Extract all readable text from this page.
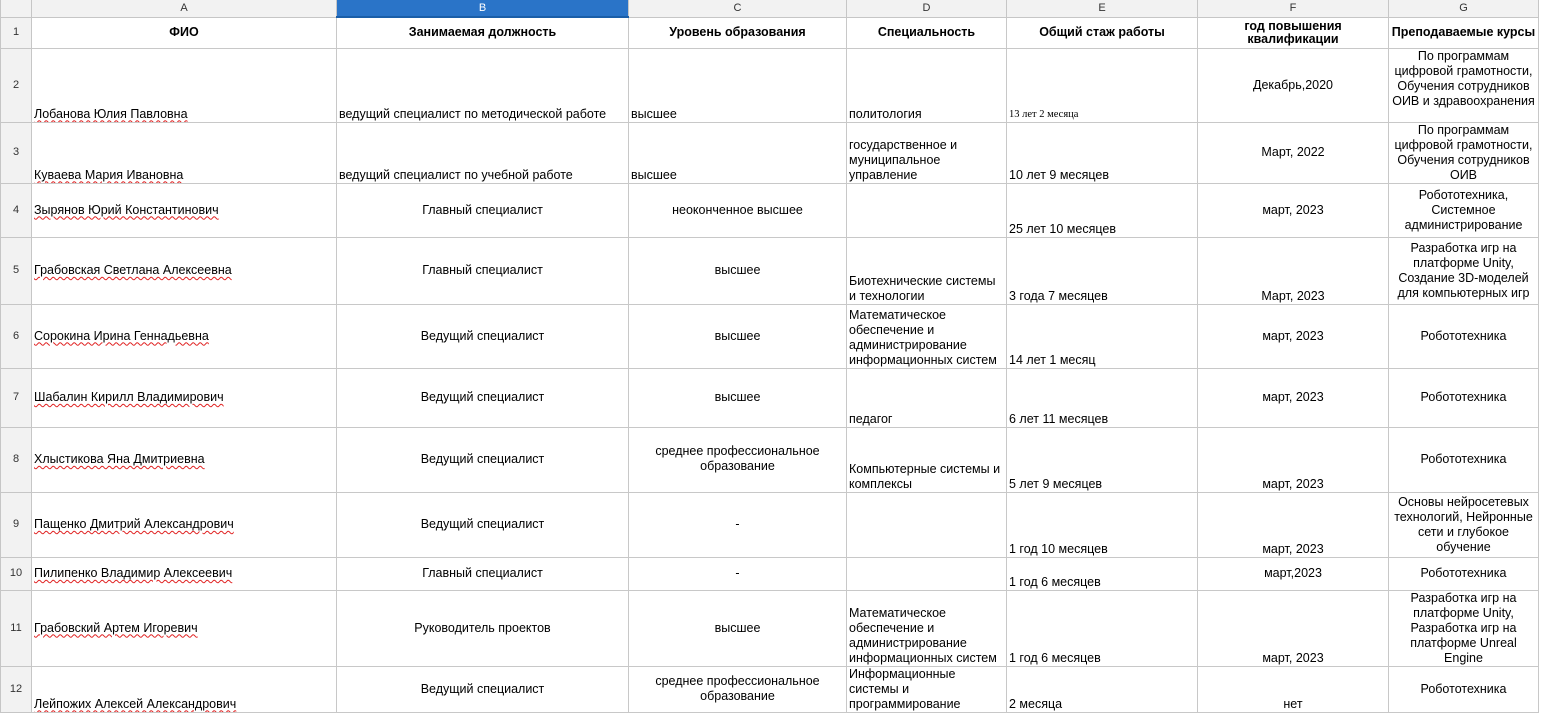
	A	B	C	D	E	F	G
1	ФИО	Занимаемая должность	Уровень образования	Специальность	Общий стаж работы	год повышения квалификации	Преподаваемые курсы
2	Лобанова Юлия Павловна	ведущий специалист по методической работе	высшее	политология	13 лет 2 месяца	Декабрь,2020	По программам цифровой грамотности, Обучения сотрудников ОИВ и здравоохранения
3	Куваева Мария Ивановна	ведущий специалист по учебной работе	высшее	государственное и муниципальное управление	10 лет 9 месяцев	Март, 2022	По программам цифровой грамотности, Обучения сотрудников ОИВ
4	Зырянов Юрий Константинович	Главный специалист	неоконченное высшее		25 лет 10 месяцев	март, 2023	Робототехника, Системное администрирование
5	Грабовская Светлана Алексеевна	Главный специалист	высшее	Биотехнические системы и технологии	3 года 7 месяцев	Март, 2023	Разработка игр на платформе Unity, Создание 3D-моделей для компьютерных игр
6	Сорокина Ирина Геннадьевна	Ведущий специалист	высшее	Математическое обеспечение и администрирование информационных систем	14 лет 1 месяц	март, 2023	Робототехника
7	Шабалин Кирилл Владимирович	Ведущий специалист	высшее	педагог	6 лет 11 месяцев	март, 2023	Робототехника
8	Хлыстикова Яна Дмитриевна	Ведущий специалист	среднее профессиональное образование	Компьютерные системы и комплексы	5 лет 9 месяцев	март, 2023	Робототехника
9	Пащенко Дмитрий Александрович	Ведущий специалист	-		1 год 10 месяцев	март, 2023	Основы нейросетевых технологий, Нейронные сети и глубокое обучение
10	Пилипенко Владимир Алексеевич	Главный специалист	-		1 год 6 месяцев	март,2023	Робототехника
11	Грабовский Артем Игоревич	Руководитель проектов	высшее	Математическое обеспечение и администрирование информационных систем	1 год 6 месяцев	март, 2023	Разработка игр на платформе Unity, Разработка игр на платформе Unreal Engine
12	Лейпожих Алексей Александрович	Ведущий специалист	среднее профессиональное образование	Информационные системы и программирование	2 месяца	нет	Робототехника
